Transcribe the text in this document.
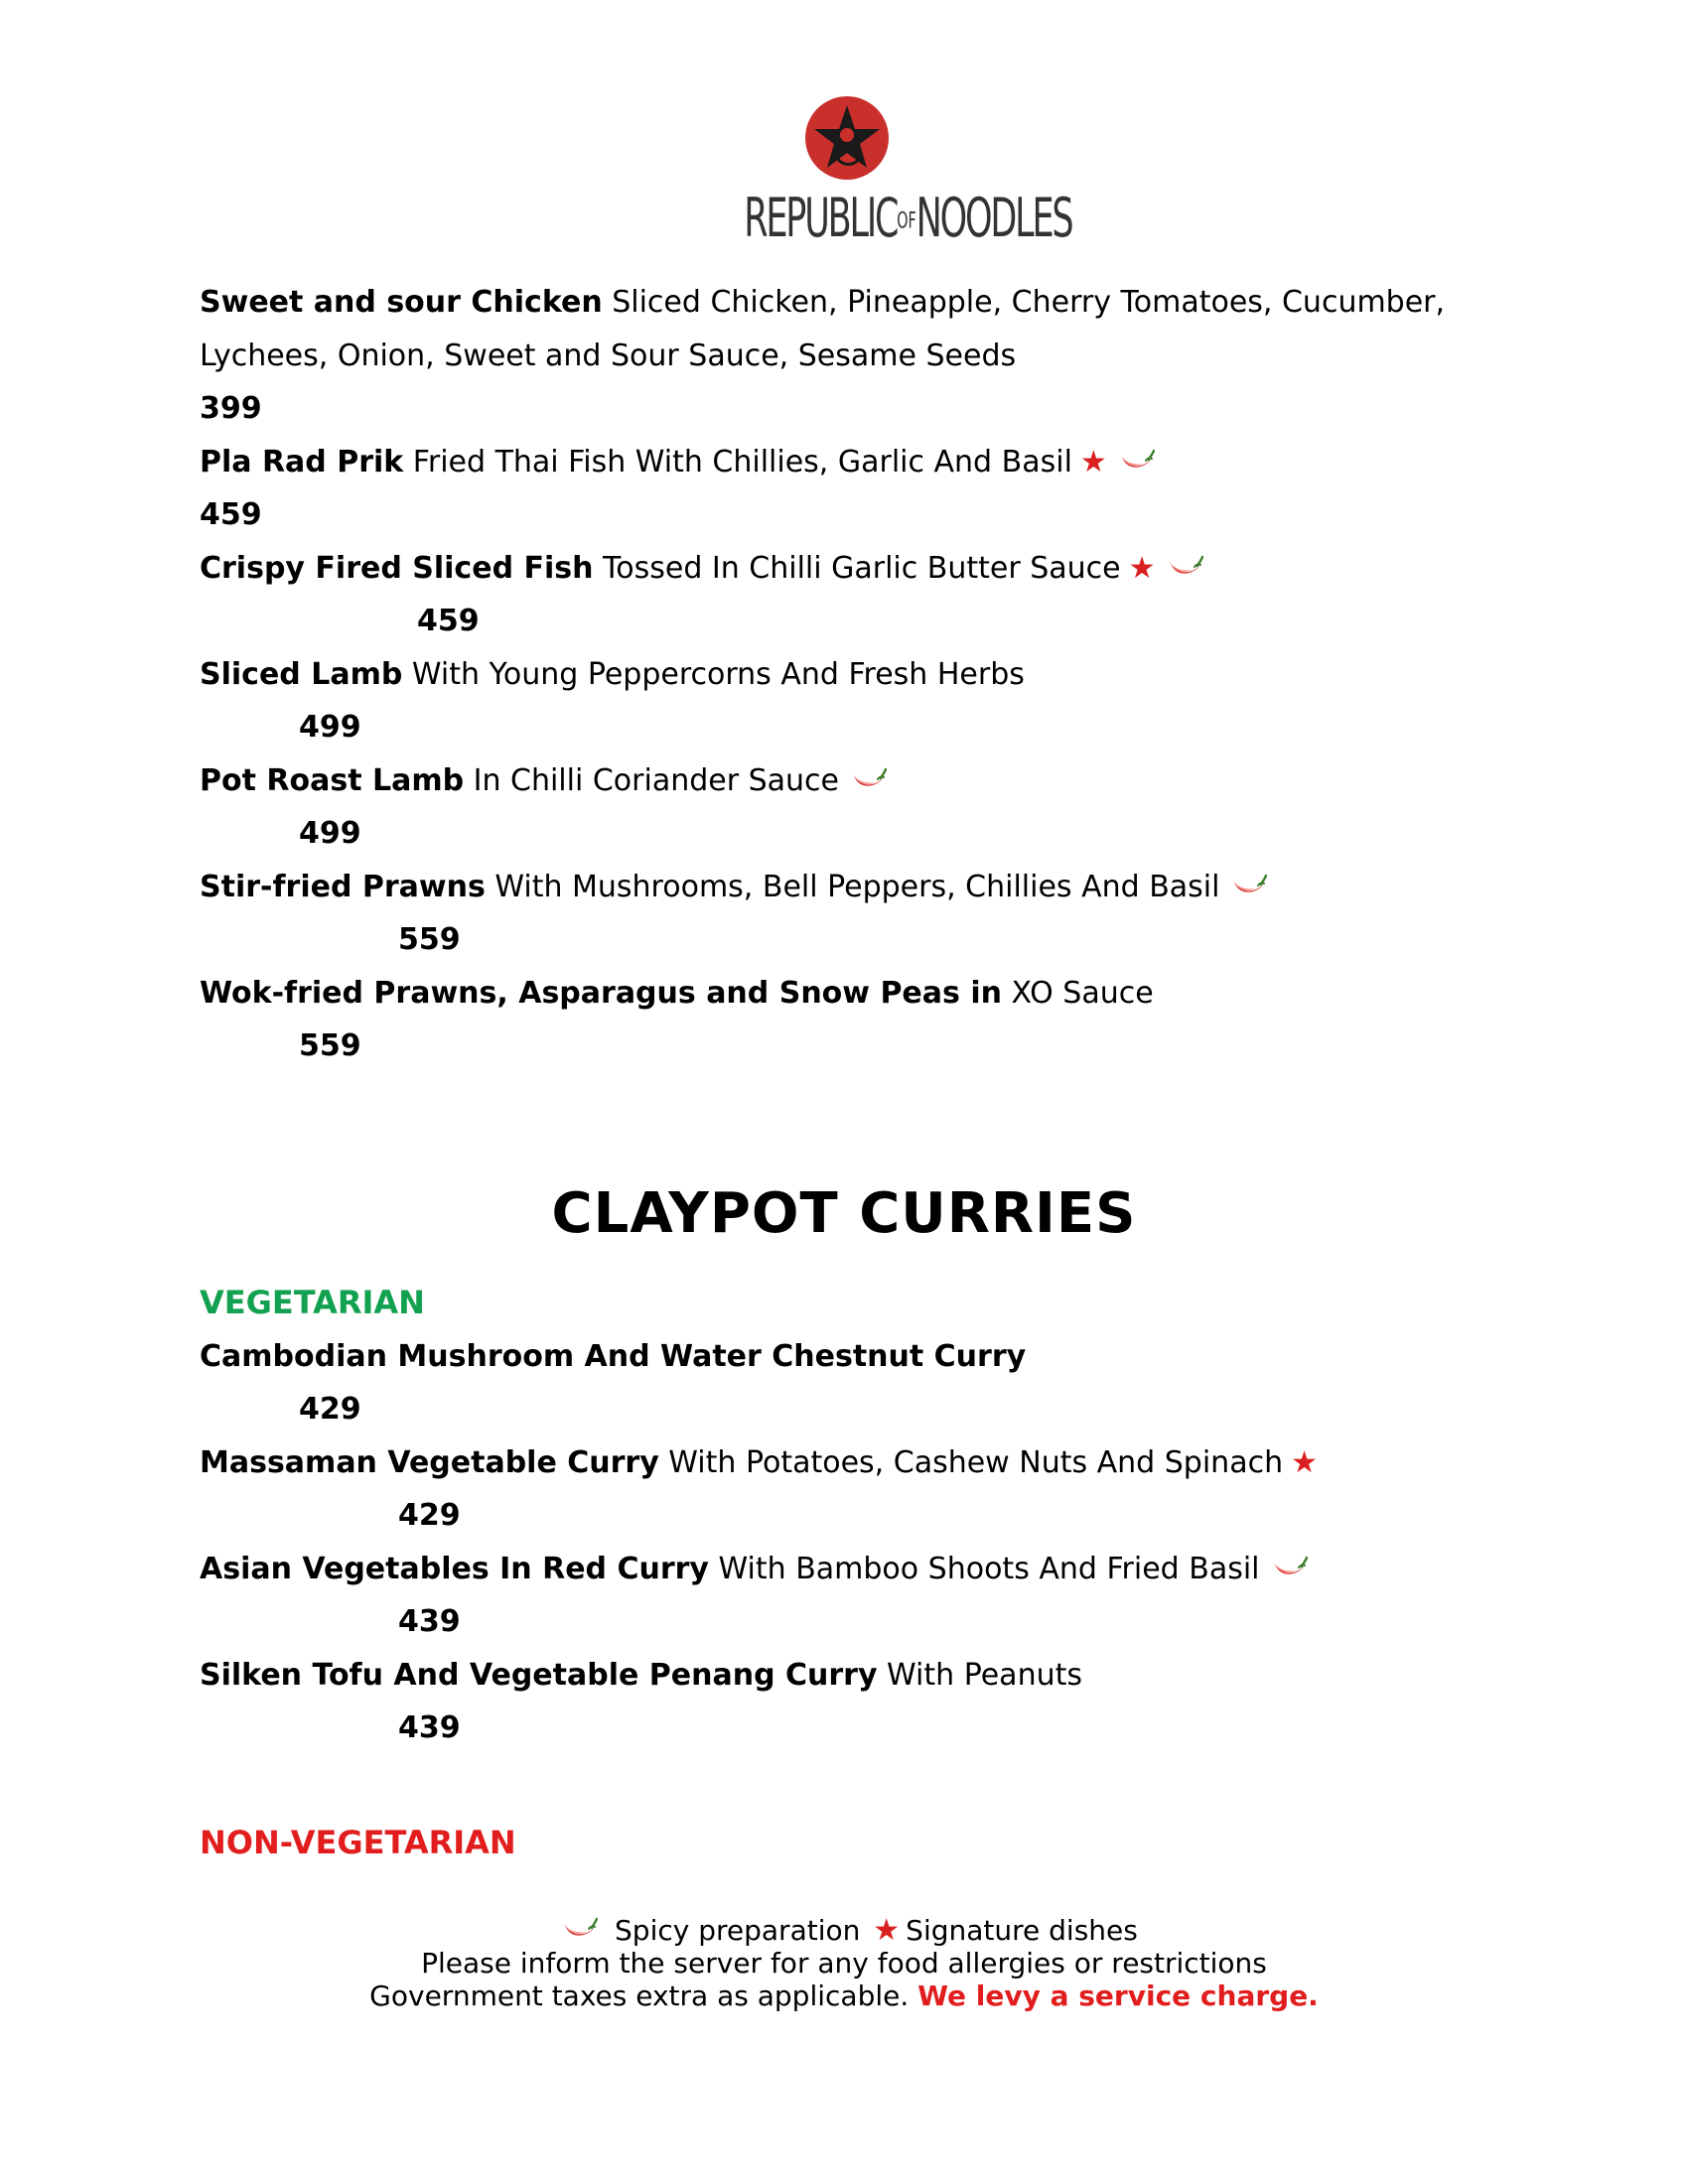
REPUBLICOFNOODLES
Sweet and sour Chicken Sliced Chicken, Pineapple, Cherry Tomatoes, Cucumber,
Lychees, Onion, Sweet and Sour Sauce, Sesame Seeds
399
Pla Rad Prik Fried Thai Fish With Chillies, Garlic And Basil ★
459
Crispy Fired Sliced Fish Tossed In Chilli Garlic Butter Sauce ★
459
Sliced Lamb With Young Peppercorns And Fresh Herbs
499
Pot Roast Lamb In Chilli Coriander Sauce
499
Stir-fried Prawns With Mushrooms, Bell Peppers, Chillies And Basil
559
Wok-fried Prawns, Asparagus and Snow Peas in XO Sauce
559
CLAYPOT CURRIES
VEGETARIAN
Cambodian Mushroom And Water Chestnut Curry
429
Massaman Vegetable Curry With Potatoes, Cashew Nuts And Spinach ★
429
Asian Vegetables In Red Curry With Bamboo Shoots And Fried Basil
439
Silken Tofu And Vegetable Penang Curry With Peanuts
439
NON-VEGETARIAN
Spicy preparation ★ Signature dishes
Please inform the server for any food allergies or restrictions
Government taxes extra as applicable. We levy a service charge.
